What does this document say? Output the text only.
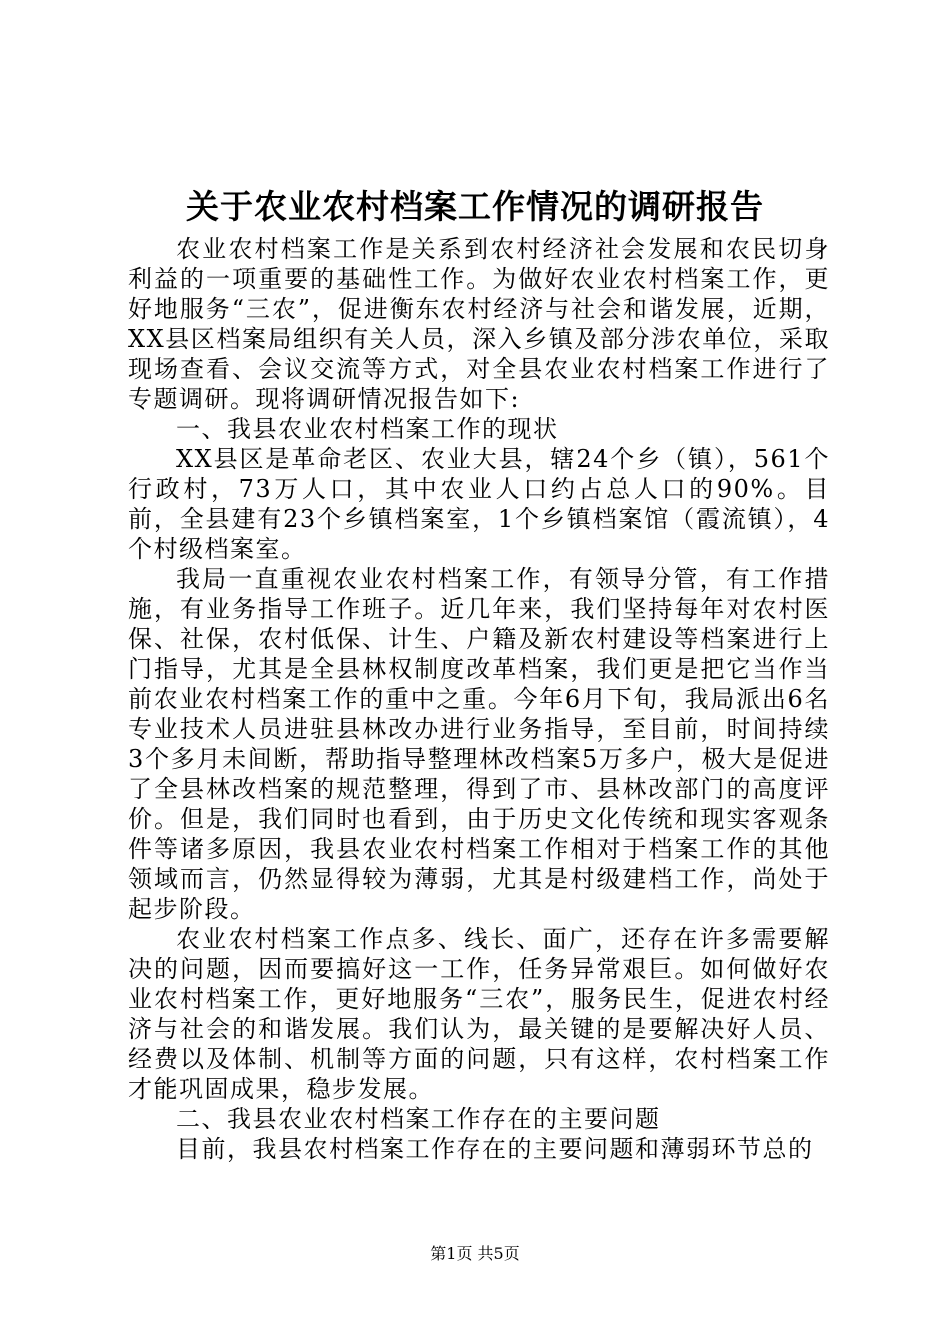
关于农业农村档案工作情况的调研报告

农业农村档案工作是关系到农村经济社会发展和农民切身利益的一项重要的基础性工作。为做好农业农村档案工作，更好地服务“三农”，促进衡东农村经济与社会和谐发展，近期，XX县区档案局组织有关人员，深入乡镇及部分涉农单位，采取现场查看、会议交流等方式，对全县农业农村档案工作进行了专题调研。现将调研情况报告如下:

一、我县农业农村档案工作的现状

XX县区是革命老区、农业大县，辖24个乡（镇），561个行政村，73万人口，其中农业人口约占总人口的90%。目前，全县建有23个乡镇档案室，1个乡镇档案馆（霞流镇），4个村级档案室。

我局一直重视农业农村档案工作，有领导分管，有工作措施，有业务指导工作班子。近几年来，我们坚持每年对农村医保、社保，农村低保、计生、户籍及新农村建设等档案进行上门指导，尤其是全县林权制度改革档案，我们更是把它当作当前农业农村档案工作的重中之重。今年6月下旬，我局派出6名专业技术人员进驻县林改办进行业务指导，至目前，时间持续3个多月未间断，帮助指导整理林改档案5万多户，极大是促进了全县林改档案的规范整理，得到了市、县林改部门的高度评价。但是，我们同时也看到，由于历史文化传统和现实客观条件等诸多原因，我县农业农村档案工作相对于档案工作的其他领域而言，仍然显得较为薄弱，尤其是村级建档工作，尚处于起步阶段。

农业农村档案工作点多、线长、面广，还存在许多需要解决的问题，因而要搞好这一工作，任务异常艰巨。如何做好农业农村档案工作，更好地服务“三农”，服务民生，促进农村经济与社会的和谐发展。我们认为，最关键的是要解决好人员、经费以及体制、机制等方面的问题，只有这样，农村档案工作才能巩固成果，稳步发展。

二、我县农业农村档案工作存在的主要问题

目前，我县农村档案工作存在的主要问题和薄弱环节总的

第1页 共5页
